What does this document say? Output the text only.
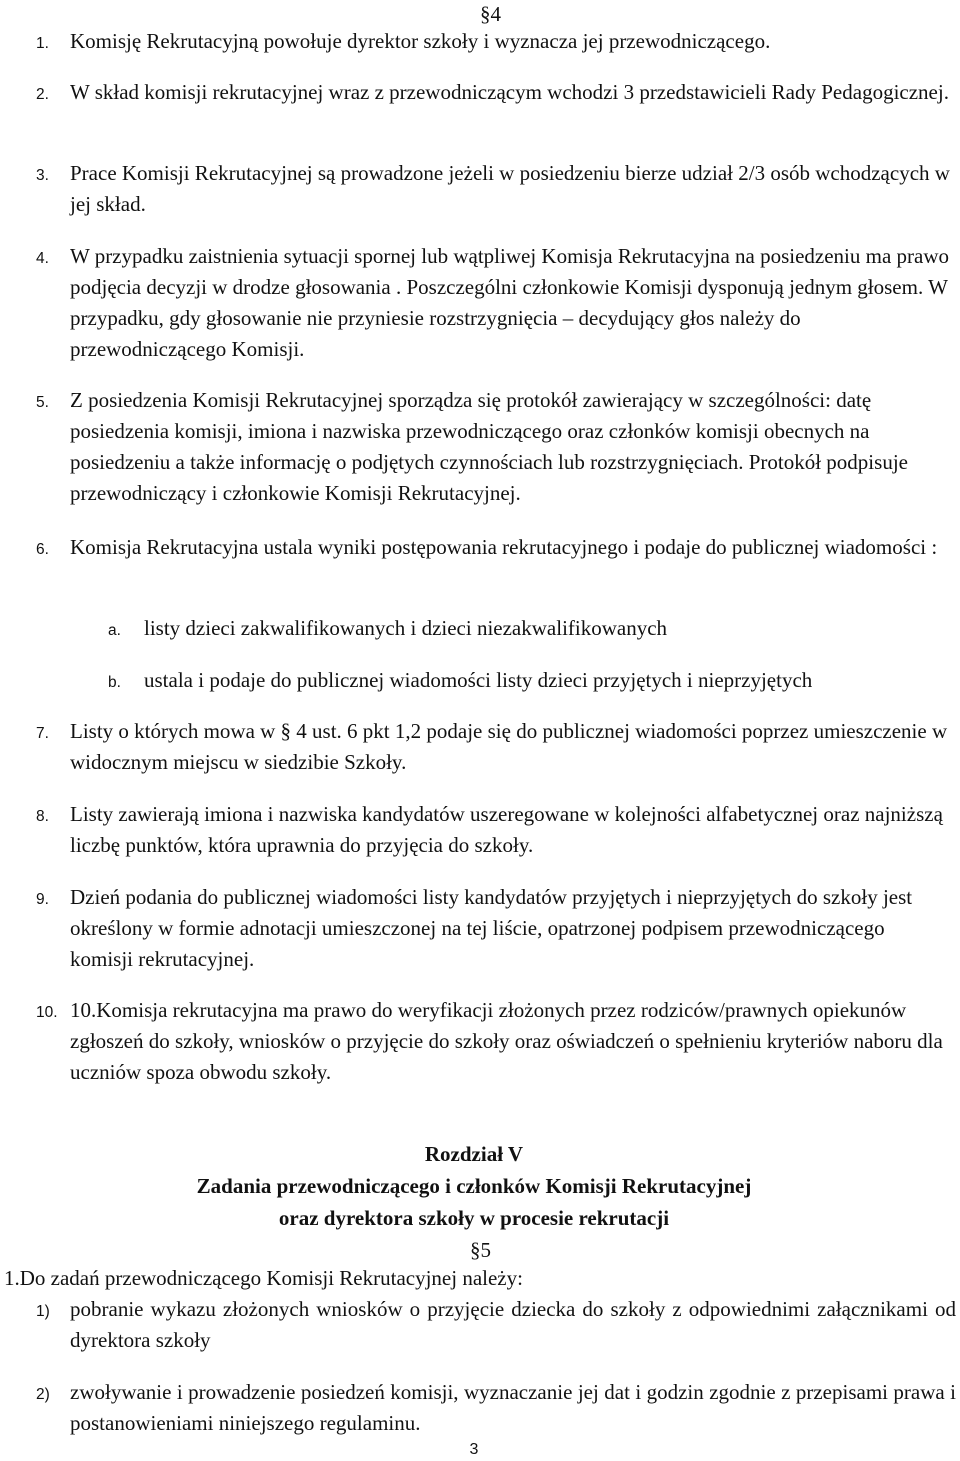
§4
1. Komisję Rekrutacyjną powołuje dyrektor szkoły i wyznacza jej przewodniczącego.
2. W skład komisji rekrutacyjnej wraz z przewodniczącym wchodzi 3 przedstawicieli Rady Pedagogicznej.
3. Prace Komisji Rekrutacyjnej są prowadzone jeżeli w posiedzeniu bierze udział 2/3 osób wchodzących w jej skład.
4. W przypadku zaistnienia sytuacji spornej lub wątpliwej Komisja Rekrutacyjna na posiedzeniu ma prawo podjęcia decyzji w drodze głosowania . Poszczególni członkowie Komisji dysponują jednym głosem. W przypadku, gdy głosowanie nie przyniesie rozstrzygnięcia – decydujący głos należy do przewodniczącego Komisji.
5. Z posiedzenia Komisji Rekrutacyjnej sporządza się protokół zawierający w szczególności: datę posiedzenia komisji, imiona i nazwiska przewodniczącego oraz członków komisji obecnych na posiedzeniu a także informację o podjętych czynnościach lub rozstrzygnięciach. Protokół podpisuje przewodniczący i członkowie Komisji Rekrutacyjnej.
6. Komisja Rekrutacyjna ustala wyniki postępowania rekrutacyjnego i podaje do publicznej wiadomości :
a. listy dzieci zakwalifikowanych i dzieci niezakwalifikowanych
b. ustala i podaje do publicznej wiadomości listy dzieci przyjętych i nieprzyjętych
7. Listy o których mowa w § 4 ust. 6 pkt 1,2 podaje się do publicznej wiadomości poprzez umieszczenie w widocznym miejscu w siedzibie Szkoły.
8. Listy zawierają imiona i nazwiska kandydatów uszeregowane w kolejności alfabetycznej oraz najniższą liczbę punktów, która uprawnia do przyjęcia do szkoły.
9. Dzień podania do publicznej wiadomości listy kandydatów przyjętych i nieprzyjętych do szkoły jest określony w formie adnotacji umieszczonej na tej liście, opatrzonej podpisem przewodniczącego komisji rekrutacyjnej.
10. 10.Komisja rekrutacyjna ma prawo do weryfikacji złożonych przez rodziców/prawnych opiekunów zgłoszeń do szkoły, wniosków o przyjęcie do szkoły oraz oświadczeń o spełnieniu kryteriów naboru dla uczniów spoza obwodu szkoły.
Rozdział V
Zadania przewodniczącego i członków Komisji Rekrutacyjnej
oraz dyrektora szkoły w procesie rekrutacji
§5
1.Do zadań przewodniczącego Komisji Rekrutacyjnej należy:
1) pobranie wykazu złożonych wniosków o przyjęcie dziecka do szkoły z odpowiednimi załącznikami od dyrektora szkoły
2) zwoływanie i prowadzenie posiedzeń komisji, wyznaczanie jej dat i godzin zgodnie z przepisami prawa i postanowieniami niniejszego regulaminu.
3
